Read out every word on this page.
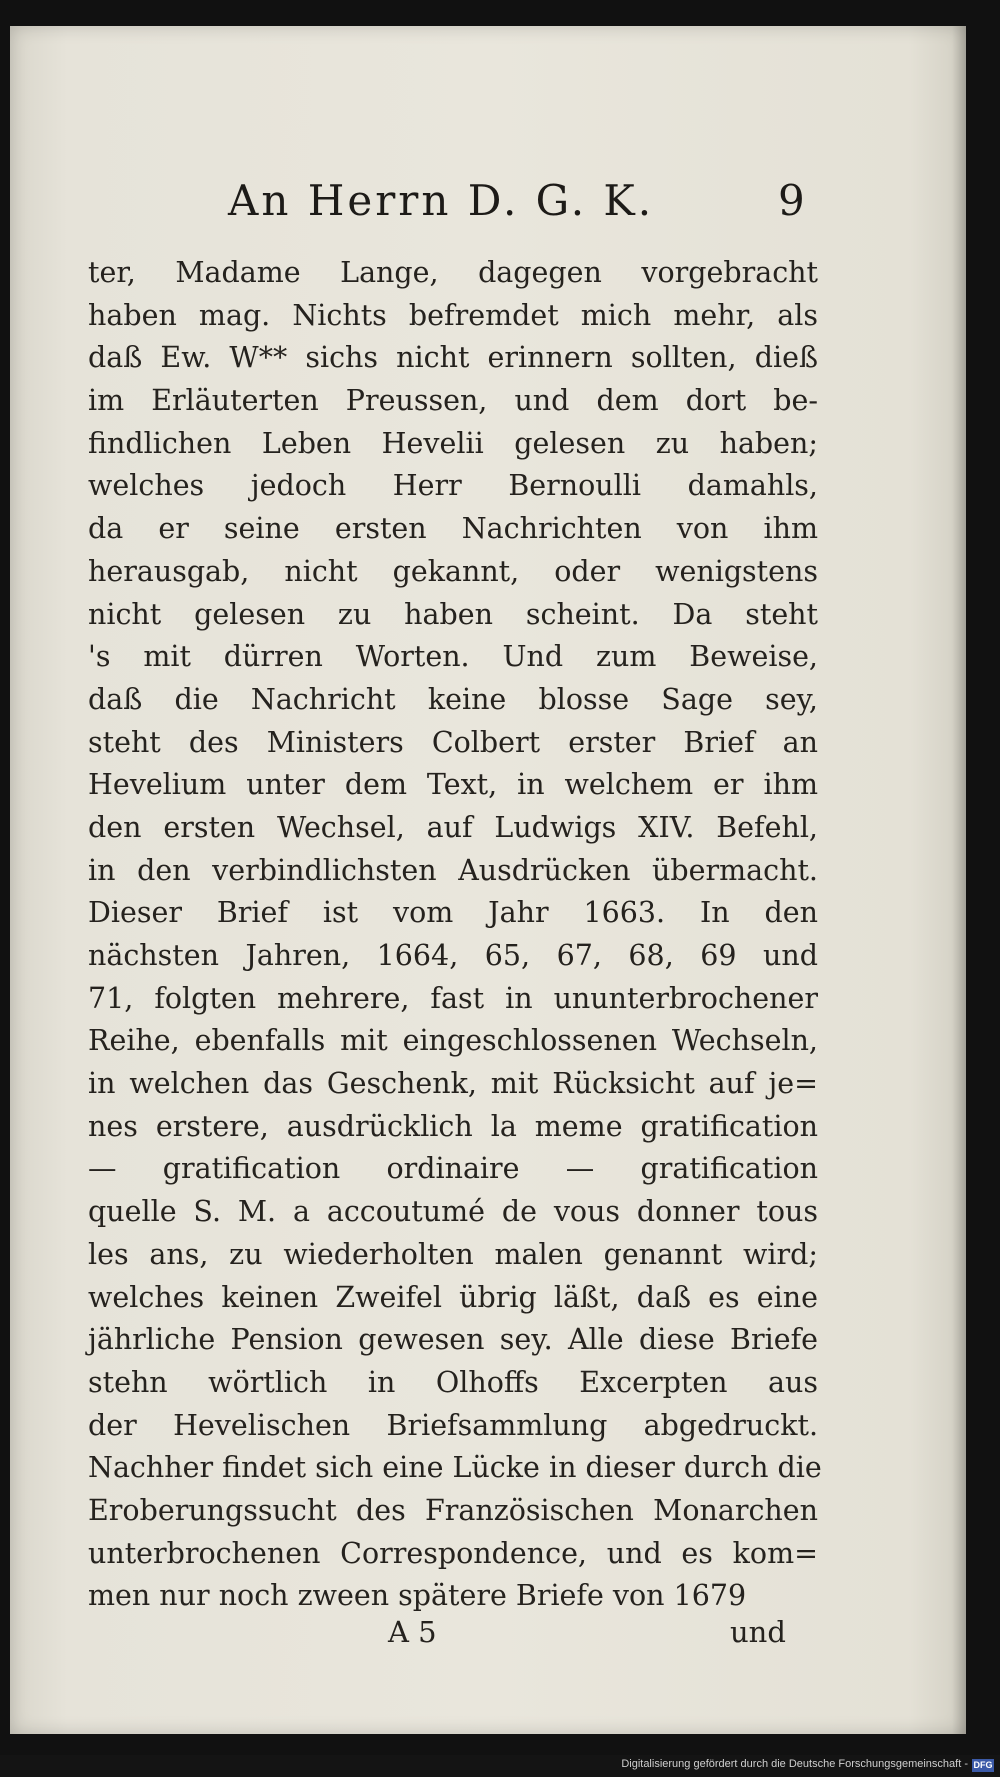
An Herrn D. G. K.	9
ter, Madame Lange, dagegen vorgebracht
haben mag. Nichts befremdet mich mehr, als
daß Ew. W** sichs nicht erinnern sollten, dieß
im Erläuterten Preussen, und dem dort be-
findlichen Leben Hevelii gelesen zu haben;
welches jedoch Herr Bernoulli damahls,
da er seine ersten Nachrichten von ihm
herausgab, nicht gekannt, oder wenigstens
nicht gelesen zu haben scheint. Da steht
's mit dürren Worten. Und zum Beweise,
daß die Nachricht keine blosse Sage sey,
steht des Ministers Colbert erster Brief an
Hevelium unter dem Text, in welchem er ihm
den ersten Wechsel, auf Ludwigs XIV. Befehl,
in den verbindlichsten Ausdrücken übermacht.
Dieser Brief ist vom Jahr 1663. In den
nächsten Jahren, 1664, 65, 67, 68, 69 und
71, folgten mehrere, fast in ununterbrochener
Reihe, ebenfalls mit eingeschlossenen Wechseln,
in welchen das Geschenk, mit Rücksicht auf je=
nes erstere, ausdrücklich la meme gratification
— gratification ordinaire — gratification
quelle S. M. a accoutumé de vous donner tous
les ans, zu wiederholten malen genannt wird;
welches keinen Zweifel übrig läßt, daß es eine
jährliche Pension gewesen sey. Alle diese Briefe
stehn wörtlich in Olhoffs Excerpten aus
der Hevelischen Briefsammlung abgedruckt.
Nachher findet sich eine Lücke in dieser durch die
Eroberungssucht des Französischen Monarchen
unterbrochenen Correspondence, und es kom=
men nur noch zween spätere Briefe von 1679
A 5	und
Digitalisierung gefördert durch die Deutsche Forschungsgemeinschaft - DFG
